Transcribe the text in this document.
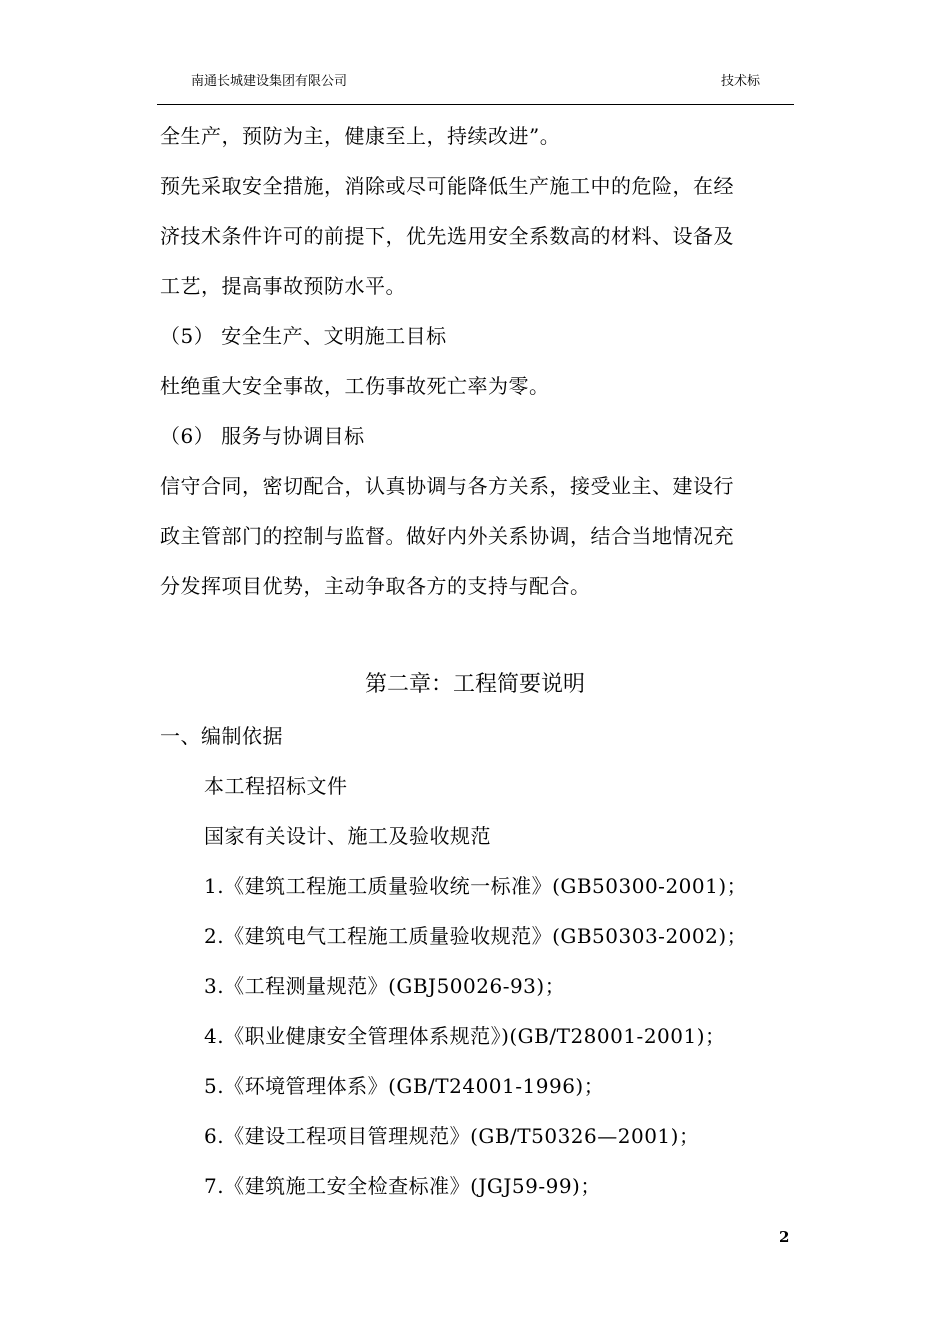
南通长城建设集团有限公司	技术标
全生产，预防为主，健康至上，持续改进”。
预先采取安全措施，消除或尽可能降低生产施工中的危险，在经
济技术条件许可的前提下，优先选用安全系数高的材料、设备及
工艺，提高事故预防水平。
（5） 安全生产、文明施工目标
杜绝重大安全事故，工伤事故死亡率为零。
（6） 服务与协调目标
信守合同，密切配合，认真协调与各方关系，接受业主、建设行
政主管部门的控制与监督。做好内外关系协调，结合当地情况充
分发挥项目优势，主动争取各方的支持与配合。
第二章：工程简要说明
一、编制依据
本工程招标文件
国家有关设计、施工及验收规范
1.《建筑工程施工质量验收统一标准》(GB50300-2001)；
2.《建筑电气工程施工质量验收规范》(GB50303-2002)；
3.《工程测量规范》(GBJ50026-93)；
4.《职业健康安全管理体系规范》)(GB/T28001-2001)；
5.《环境管理体系》(GB/T24001-1996)；
6.《建设工程项目管理规范》(GB/T50326—2001)；
7.《建筑施工安全检查标准》(JGJ59-99)；
2
